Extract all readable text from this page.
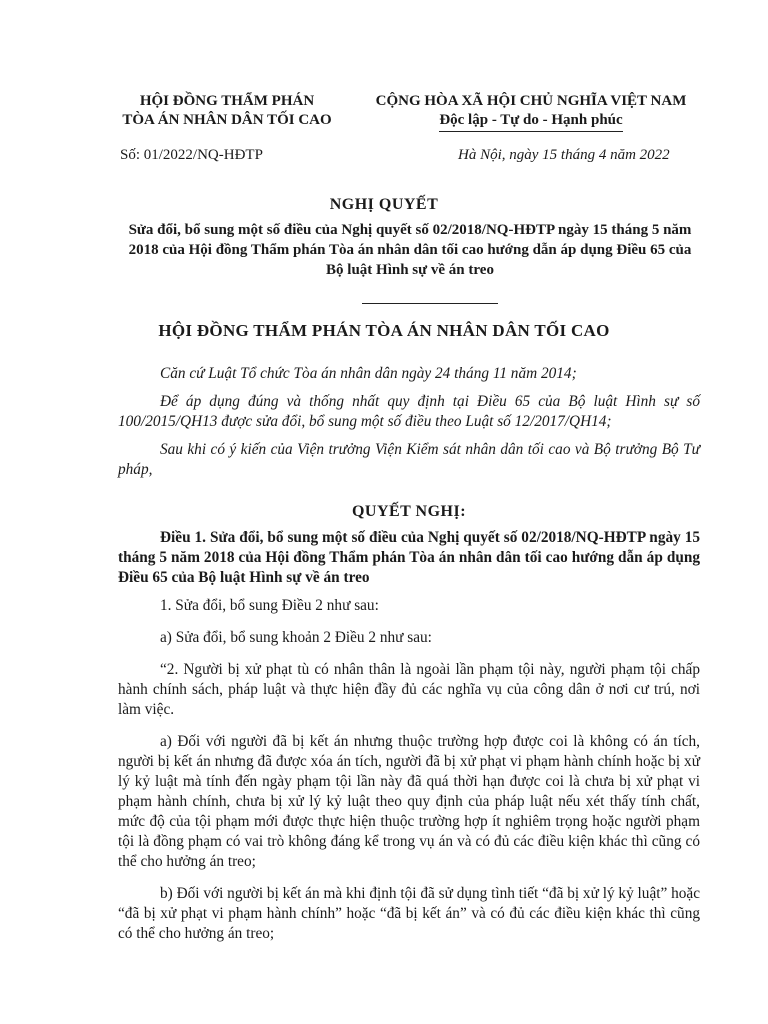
HỘI ĐỒNG THẨM PHÁN
TÒA ÁN NHÂN DÂN TỐI CAO
CỘNG HÒA XÃ HỘI CHỦ NGHĨA VIỆT NAM
Độc lập - Tự do - Hạnh phúc
Số: 01/2022/NQ-HĐTP	Hà Nội, ngày 15 tháng 4 năm 2022
NGHỊ QUYẾT
Sửa đổi, bổ sung một số điều của Nghị quyết số 02/2018/NQ-HĐTP ngày 15 tháng 5 năm 2018 của Hội đồng Thẩm phán Tòa án nhân dân tối cao hướng dẫn áp dụng Điều 65 của Bộ luật Hình sự về án treo
HỘI ĐỒNG THẨM PHÁN TÒA ÁN NHÂN DÂN TỐI CAO

Căn cứ Luật Tổ chức Tòa án nhân dân ngày 24 tháng 11 năm 2014;

Để áp dụng đúng và thống nhất quy định tại Điều 65 của Bộ luật Hình sự số 100/2015/QH13 được sửa đổi, bổ sung một số điều theo Luật số 12/2017/QH14;

Sau khi có ý kiến của Viện trưởng Viện Kiểm sát nhân dân tối cao và Bộ trưởng Bộ Tư pháp,

QUYẾT NGHỊ:

Điều 1. Sửa đổi, bổ sung một số điều của Nghị quyết số 02/2018/NQ-HĐTP ngày 15 tháng 5 năm 2018 của Hội đồng Thẩm phán Tòa án nhân dân tối cao hướng dẫn áp dụng Điều 65 của Bộ luật Hình sự về án treo

1. Sửa đổi, bổ sung Điều 2 như sau:

a) Sửa đổi, bổ sung khoản 2 Điều 2 như sau:

“2. Người bị xử phạt tù có nhân thân là ngoài lần phạm tội này, người phạm tội chấp hành chính sách, pháp luật và thực hiện đầy đủ các nghĩa vụ của công dân ở nơi cư trú, nơi làm việc.

a) Đối với người đã bị kết án nhưng thuộc trường hợp được coi là không có án tích, người bị kết án nhưng đã được xóa án tích, người đã bị xử phạt vi phạm hành chính hoặc bị xử lý kỷ luật mà tính đến ngày phạm tội lần này đã quá thời hạn được coi là chưa bị xử phạt vi phạm hành chính, chưa bị xử lý kỷ luật theo quy định của pháp luật nếu xét thấy tính chất, mức độ của tội phạm mới được thực hiện thuộc trường hợp ít nghiêm trọng hoặc người phạm tội là đồng phạm có vai trò không đáng kể trong vụ án và có đủ các điều kiện khác thì cũng có thể cho hưởng án treo;

b) Đối với người bị kết án mà khi định tội đã sử dụng tình tiết “đã bị xử lý kỷ luật” hoặc “đã bị xử phạt vi phạm hành chính” hoặc “đã bị kết án” và có đủ các điều kiện khác thì cũng có thể cho hưởng án treo;
